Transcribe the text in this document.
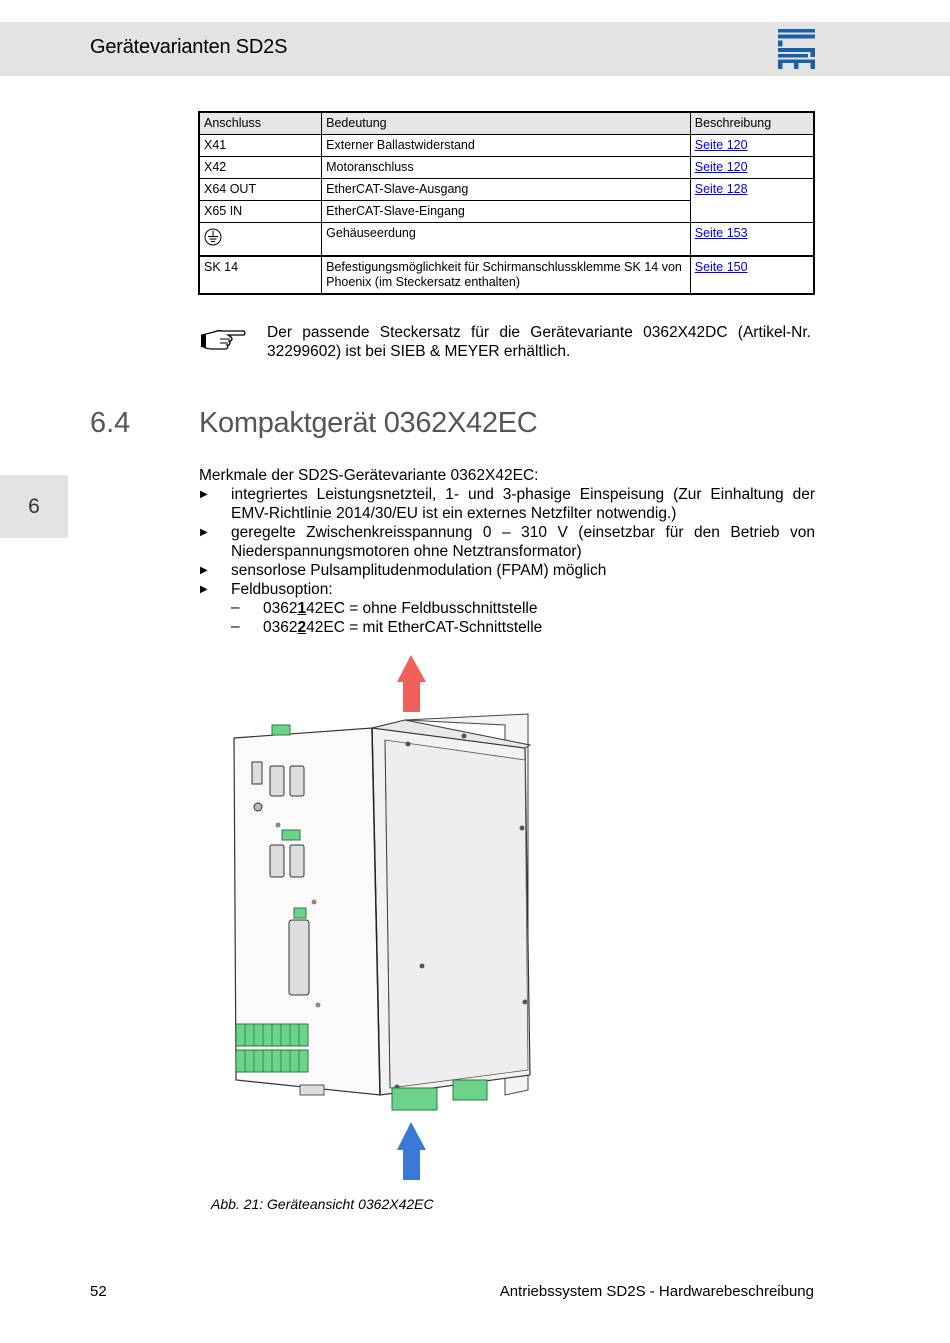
Gerätevarianten SD2S
Anschluss	Bedeutung	Beschreibung
X41	Externer Ballastwiderstand	Seite 120
X42	Motoranschluss	Seite 120
X64 OUT	EtherCAT-Slave-Ausgang	Seite 128
X65 IN	EtherCAT-Slave-Eingang	

	Gehäuseerdung	Seite 153
SK 14	Befestigungsmöglichkeit für Schirmanschlussklemme SK 14 von Phoenix (im Steckersatz enthalten)	Seite 150
Der passende Steckersatz für die Gerätevariante 0362X42DC (Artikel-Nr. 32299602) ist bei SIEB & MEYER erhältlich.
6.4 Kompaktgerät 0362X42EC
6

Merkmale der SD2S-Gerätevariante 0362X42EC:

▶ integriertes Leistungsnetzteil, 1- und 3-phasige Einspeisung (Zur Einhaltung der EMV-Richtlinie 2014/30/EU ist ein externes Netzfilter notwendig.)
▶ geregelte Zwischenkreisspannung 0 – 310 V (einsetzbar für den Betrieb von Niederspannungsmotoren ohne Netztransformator)
▶ sensorlose Pulsamplitudenmodulation (FPAM) möglich
▶ Feldbusoption:
– 0362142EC = ohne Feldbusschnittstelle
– 0362242EC = mit EtherCAT-Schnittstelle
Abb. 21: Geräteansicht 0362X42EC
52	Antriebssystem SD2S - Hardwarebeschreibung
